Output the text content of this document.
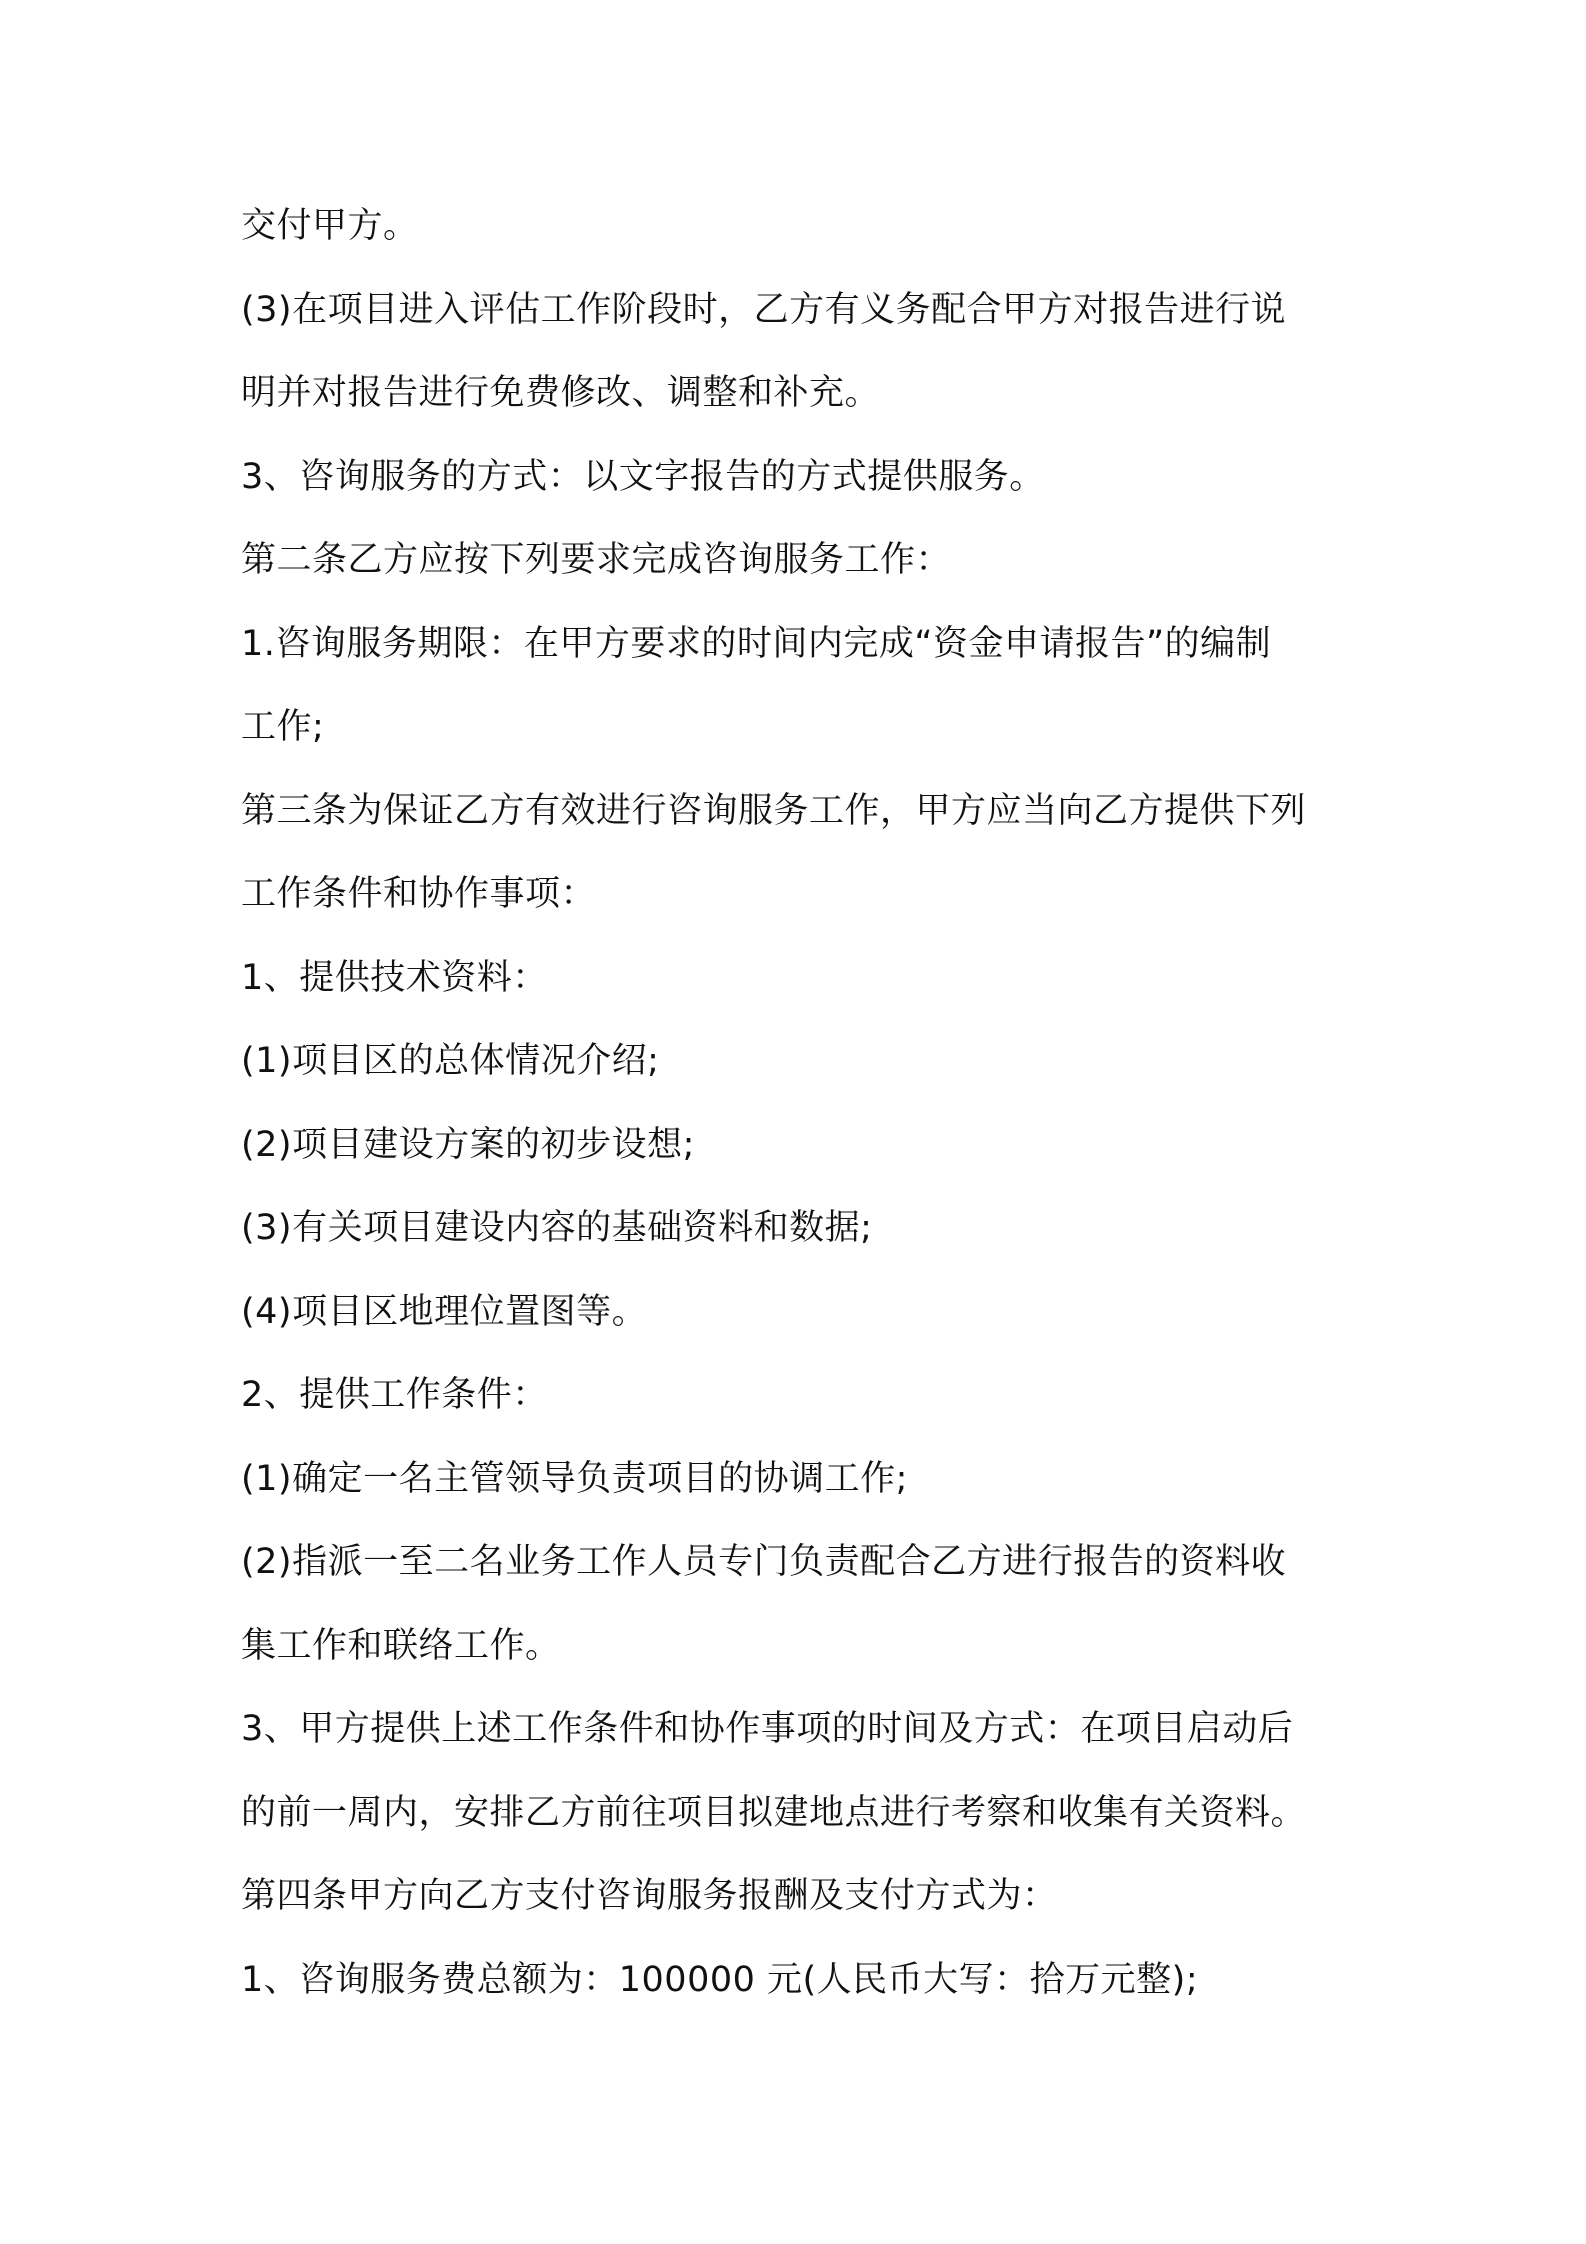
交付甲方。
(3)在项目进入评估工作阶段时，乙方有义务配合甲方对报告进行说
明并对报告进行免费修改、调整和补充。
3、咨询服务的方式：以文字报告的方式提供服务。
第二条乙方应按下列要求完成咨询服务工作：
1.咨询服务期限：在甲方要求的时间内完成“资金申请报告”的编制
工作;
第三条为保证乙方有效进行咨询服务工作，甲方应当向乙方提供下列
工作条件和协作事项：
1、提供技术资料：
(1)项目区的总体情况介绍;
(2)项目建设方案的初步设想;
(3)有关项目建设内容的基础资料和数据;
(4)项目区地理位置图等。
2、提供工作条件：
(1)确定一名主管领导负责项目的协调工作;
(2)指派一至二名业务工作人员专门负责配合乙方进行报告的资料收
集工作和联络工作。
3、甲方提供上述工作条件和协作事项的时间及方式：在项目启动后
的前一周内，安排乙方前往项目拟建地点进行考察和收集有关资料。
第四条甲方向乙方支付咨询服务报酬及支付方式为：
1、咨询服务费总额为：100000 元(人民币大写：拾万元整);
